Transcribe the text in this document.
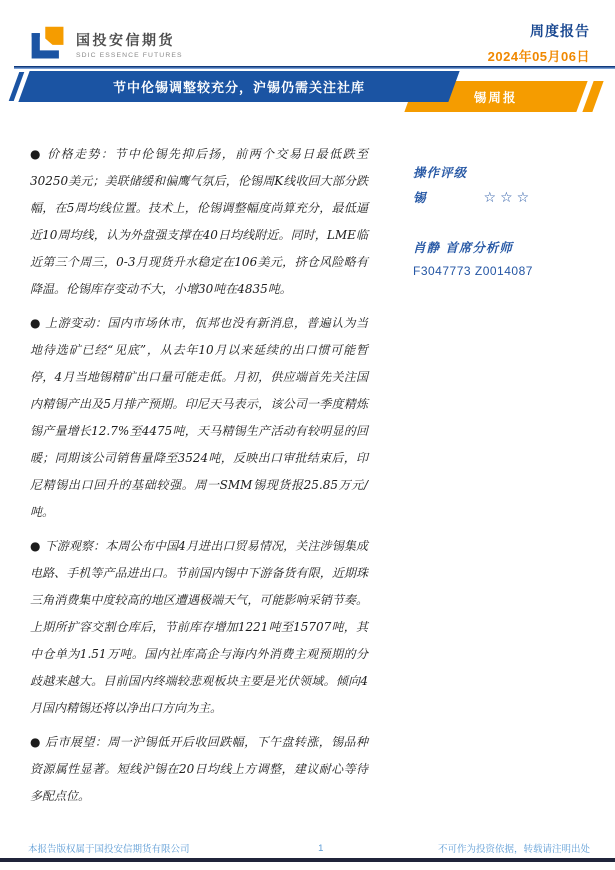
国投安信期货
SDIC ESSENCE FUTURES
周度报告
2024年05月06日
节中伦锡调整较充分，沪锡仍需关注社库
锡周报

● 价格走势：节中伦锡先抑后扬，前两个交易日最低跌至30250美元；美联储缓和偏鹰气氛后，伦锡周K线收回大部分跌幅，在5周均线位置。技术上，伦锡调整幅度尚算充分，最低逼近10周均线，认为外盘强支撑在40日均线附近。同时，LME临近第三个周三，0-3月现货升水稳定在106美元，挤仓风险略有降温。伦锡库存变动不大，小增30吨在4835吨。

● 上游变动：国内市场休市，佤邦也没有新消息，普遍认为当地待选矿已经“见底”，从去年10月以来延续的出口惯可能暂停，4月当地锡精矿出口量可能走低。月初，供应端首先关注国内精锡产出及5月排产预期。印尼天马表示，该公司一季度精炼锡产量增长12.7%至4475吨，天马精锡生产活动有较明显的回暖；同期该公司销售量降至3524吨，反映出口审批结束后，印尼精锡出口回升的基础较强。周一SMM锡现货报25.85万元/吨。

● 下游观察：本周公布中国4月进出口贸易情况，关注涉锡集成电路、手机等产品进出口。节前国内锡中下游备货有限，近期珠三角消费集中度较高的地区遭遇极端天气，可能影响采销节奏。上期所扩容交割仓库后，节前库存增加1221吨至15707吨，其中仓单为1.51万吨。国内社库高企与海内外消费主观预期的分歧越来越大。目前国内终端较悲观板块主要是光伏领域。倾向4月国内精锡还将以净出口方向为主。

● 后市展望：周一沪锡低开后收回跌幅，下午盘转涨，锡品种资源属性显著。短线沪锡在20日均线上方调整，建议耐心等待多配点位。

操作评级
锡	☆☆☆
肖静 首席分析师
F3047773 Z0014087
本报告版权属于国投安信期货有限公司	1	不可作为投资依据，转载请注明出处
